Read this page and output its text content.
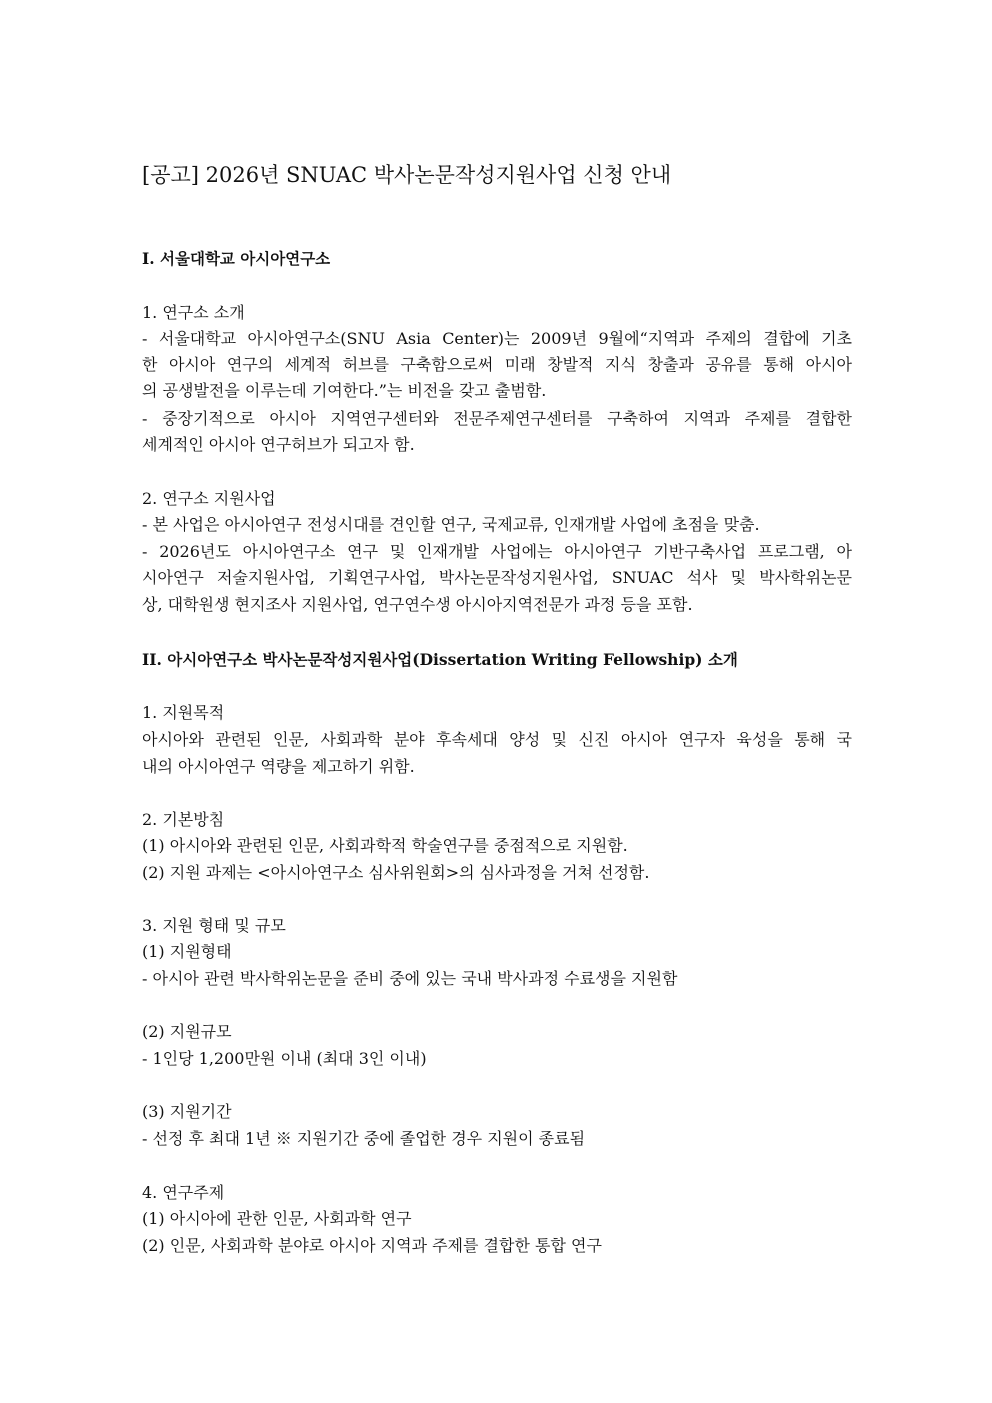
[공고] 2026년 SNUAC 박사논문작성지원사업 신청 안내
I. 서울대학교 아시아연구소
1. 연구소 소개
- 서울대학교 아시아연구소(SNU Asia Center)는 2009년 9월에“지역과 주제의 결합에 기초
한 아시아 연구의 세계적 허브를 구축함으로써 미래 창발적 지식 창출과 공유를 통해 아시아
의 공생발전을 이루는데 기여한다.”는 비전을 갖고 출범함.
- 중장기적으로 아시아 지역연구센터와 전문주제연구센터를 구축하여 지역과 주제를 결합한
세계적인 아시아 연구허브가 되고자 함.
2. 연구소 지원사업
- 본 사업은 아시아연구 전성시대를 견인할 연구, 국제교류, 인재개발 사업에 초점을 맞춤.
- 2026년도 아시아연구소 연구 및 인재개발 사업에는 아시아연구 기반구축사업 프로그램, 아
시아연구 저술지원사업, 기획연구사업, 박사논문작성지원사업, SNUAC 석사 및 박사학위논문
상, 대학원생 현지조사 지원사업, 연구연수생 아시아지역전문가 과정 등을 포함.
II. 아시아연구소 박사논문작성지원사업(Dissertation Writing Fellowship) 소개
1. 지원목적
아시아와 관련된 인문, 사회과학 분야 후속세대 양성 및 신진 아시아 연구자 육성을 통해 국
내의 아시아연구 역량을 제고하기 위함.
2. 기본방침
(1) 아시아와 관련된 인문, 사회과학적 학술연구를 중점적으로 지원함.
(2) 지원 과제는 <아시아연구소 심사위원회>의 심사과정을 거쳐 선정함.
3. 지원 형태 및 규모
(1) 지원형태
- 아시아 관련 박사학위논문을 준비 중에 있는 국내 박사과정 수료생을 지원함
(2) 지원규모
- 1인당 1,200만원 이내 (최대 3인 이내)
(3) 지원기간
- 선정 후 최대 1년 ※ 지원기간 중에 졸업한 경우 지원이 종료됨
4. 연구주제
(1) 아시아에 관한 인문, 사회과학 연구
(2) 인문, 사회과학 분야로 아시아 지역과 주제를 결합한 통합 연구
